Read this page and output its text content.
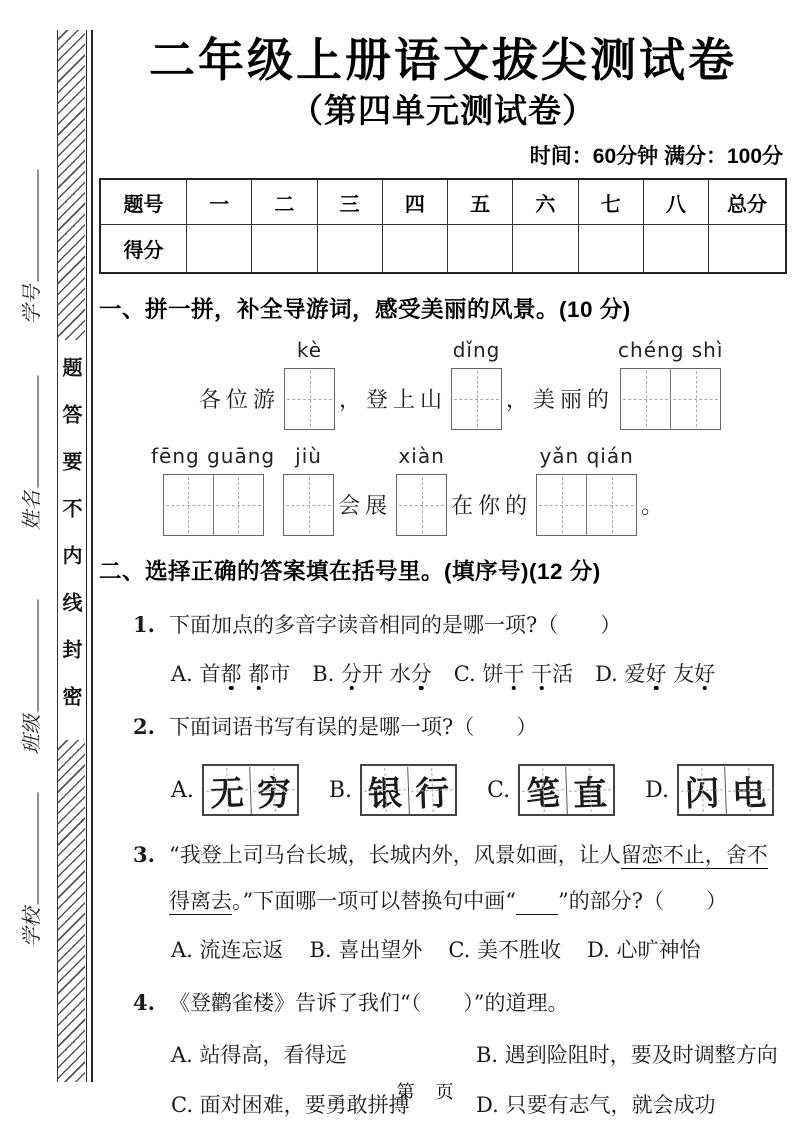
学号
姓名
班级
学校
题答要不内线封密
二年级上册语文拔尖测试卷
（第四单元测试卷）
时间：60分钟 满分：100分
题号	一	二	三	四	五	六	七	八	总分
得分
一、拼一拼，补全导游词，感受美丽的风景。(10 分)
各位游
kè
，登上山
dǐng
，美丽的
chéng shì
fēng guāng jiù
会展
xiàn
在你的
yǎn qián
。
二、选择正确的答案填在括号里。(填序号)(12 分)
1. 下面加点的多音字读音相同的是哪一项?（　　）
A. 首都 都市 B. 分开 水分 C. 饼干 干活 D. 爱好 友好
2. 下面词语书写有误的是哪一项?（　　）
A. 无 穷 B. 银 行 C. 笔 直 D. 闪 电
3. “我登上司马台长城，长城内外，风景如画，让人留恋不止，舍不得离去。”下面哪一项可以替换句中画“　　 ”的部分?（　　）
A. 流连忘返 B. 喜出望外 C. 美不胜收 D. 心旷神怡
4. 《登鹳雀楼》告诉了我们“（　　）”的道理。
A. 站得高，看得远	B. 遇到险阻时，要及时调整方向
C. 面对困难，要勇敢拼搏	D. 只要有志气，就会成功
第 页
